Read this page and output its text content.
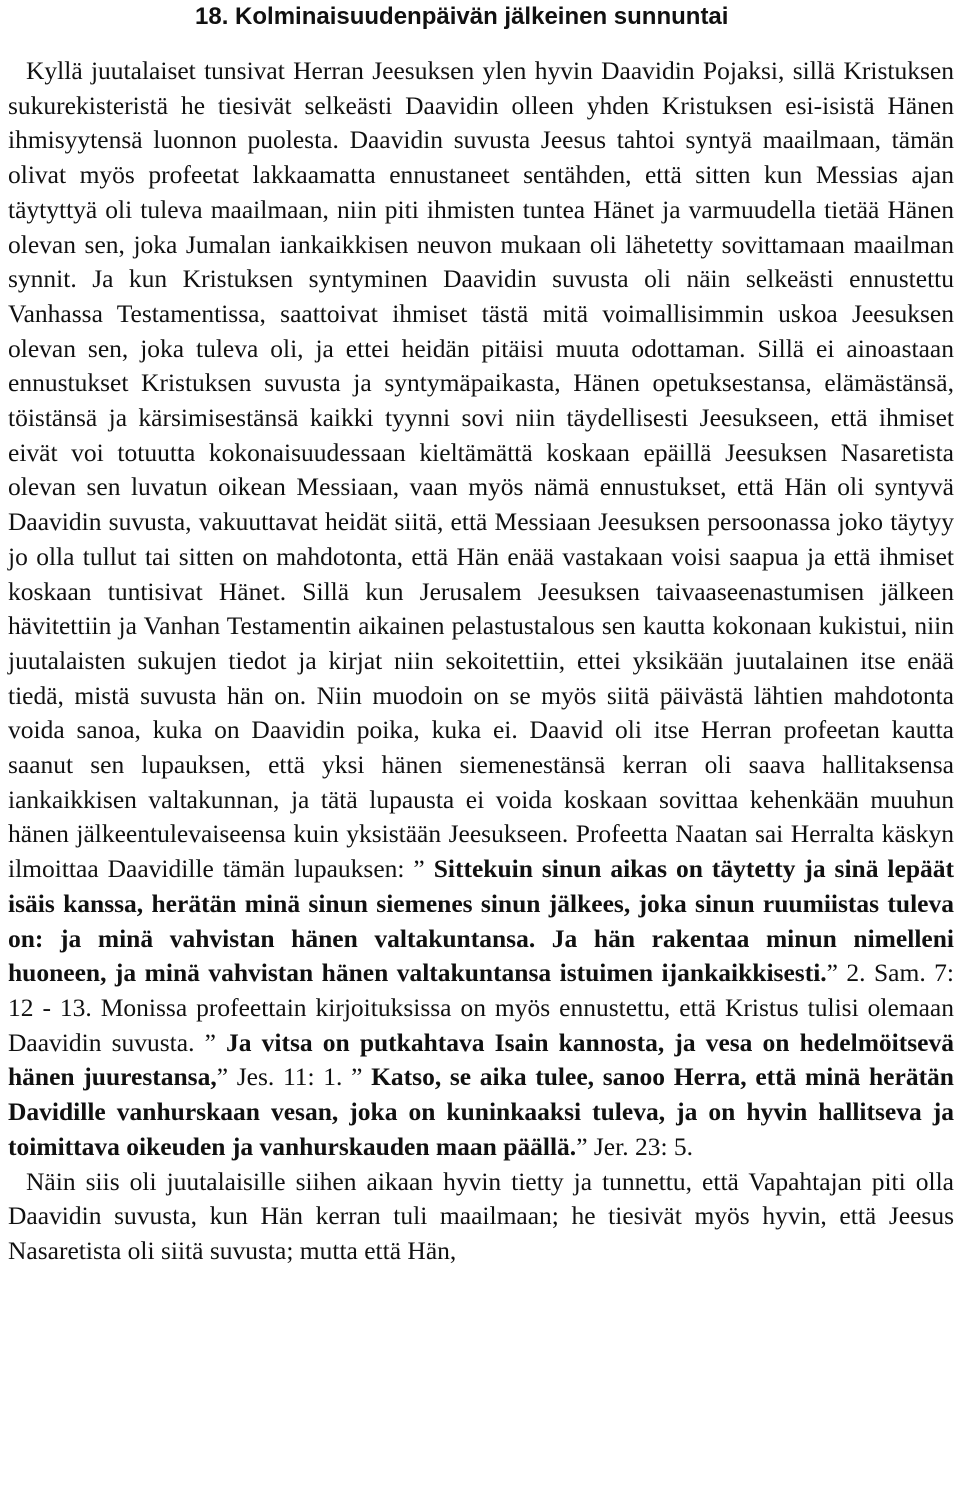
18. Kolminaisuudenpäivän jälkeinen sunnuntai

Kyllä juutalaiset tunsivat Herran Jeesuksen ylen hyvin Daavidin Pojaksi, sillä Kristuksen sukurekisteristä he tiesivät selkeästi Daavidin olleen yhden Kristuksen esi-isistä Hänen ihmisyytensä luonnon puolesta. Daavidin suvusta Jeesus tahtoi syntyä maailmaan, tämän olivat myös profeetat lakkaamatta ennustaneet sentähden, että sitten kun Messias ajan täytyttyä oli tuleva maailmaan, niin piti ihmisten tuntea Hänet ja varmuudella tietää Hänen olevan sen, joka Jumalan iankaikkisen neuvon mukaan oli lähetetty sovittamaan maailman synnit. Ja kun Kristuksen syntyminen Daavidin suvusta oli näin selkeästi ennustettu Vanhassa Testamentissa, saattoivat ihmiset tästä mitä voimallisimmin uskoa Jeesuksen olevan sen, joka tuleva oli, ja ettei heidän pitäisi muuta odottaman. Sillä ei ainoastaan ennustukset Kristuksen suvusta ja syntymäpaikasta, Hänen opetuksestansa, elämästänsä, töistänsä ja kärsimisestänsä kaikki tyynni sovi niin täydellisesti Jeesukseen, että ihmiset eivät voi totuutta kokonaisuudessaan kieltämättä koskaan epäillä Jeesuksen Nasaretista olevan sen luvatun oikean Messiaan, vaan myös nämä ennustukset, että Hän oli syntyvä Daavidin suvusta, vakuuttavat heidät siitä, että Messiaan Jeesuksen persoonassa joko täytyy jo olla tullut tai sitten on mahdotonta, että Hän enää vastakaan voisi saapua ja että ihmiset koskaan tuntisivat Hänet. Sillä kun Jerusalem Jeesuksen taivaaseenastumisen jälkeen hävitettiin ja Vanhan Testamentin aikainen pelastustalous sen kautta kokonaan kukistui, niin juutalaisten sukujen tiedot ja kirjat niin sekoitettiin, ettei yksikään juutalainen itse enää tiedä, mistä suvusta hän on. Niin muodoin on se myös siitä päivästä lähtien mahdotonta voida sanoa, kuka on Daavidin poika, kuka ei. Daavid oli itse Herran profeetan kautta saanut sen lupauksen, että yksi hänen siemenestänsä kerran oli saava hallitaksensa iankaikkisen valtakunnan, ja tätä lupausta ei voida koskaan sovittaa kehenkään muuhun hänen jälkeentulevaiseensa kuin yksistään Jeesukseen. Profeetta Naatan sai Herralta käskyn ilmoittaa Daavidille tämän lupauksen: ” Sittekuin sinun aikas on täytetty ja sinä lepäät isäis kanssa, herätän minä sinun siemenes sinun jälkees, joka sinun ruumiistas tuleva on: ja minä vahvistan hänen valtakuntansa. Ja hän rakentaa minun nimelleni huoneen, ja minä vahvistan hänen valtakuntansa istuimen ijankaikkisesti.” 2. Sam. 7: 12 - 13. Monissa profeettain kirjoituksissa on myös ennustettu, että Kristus tulisi olemaan Daavidin suvusta. ” Ja vitsa on putkahtava Isain kannosta, ja vesa on hedelmöitsevä hänen juurestansa,” Jes. 11: 1. ” Katso, se aika tulee, sanoo Herra, että minä herätän Davidille vanhurskaan vesan, joka on kuninkaaksi tuleva, ja on hyvin hallitseva ja toimittava oikeuden ja vanhurskauden maan päällä.” Jer. 23: 5.

Näin siis oli juutalaisille siihen aikaan hyvin tietty ja tunnettu, että Vapahtajan piti olla Daavidin suvusta, kun Hän kerran tuli maailmaan; he tiesivät myös hyvin, että Jeesus Nasaretista oli siitä suvusta; mutta että Hän,
